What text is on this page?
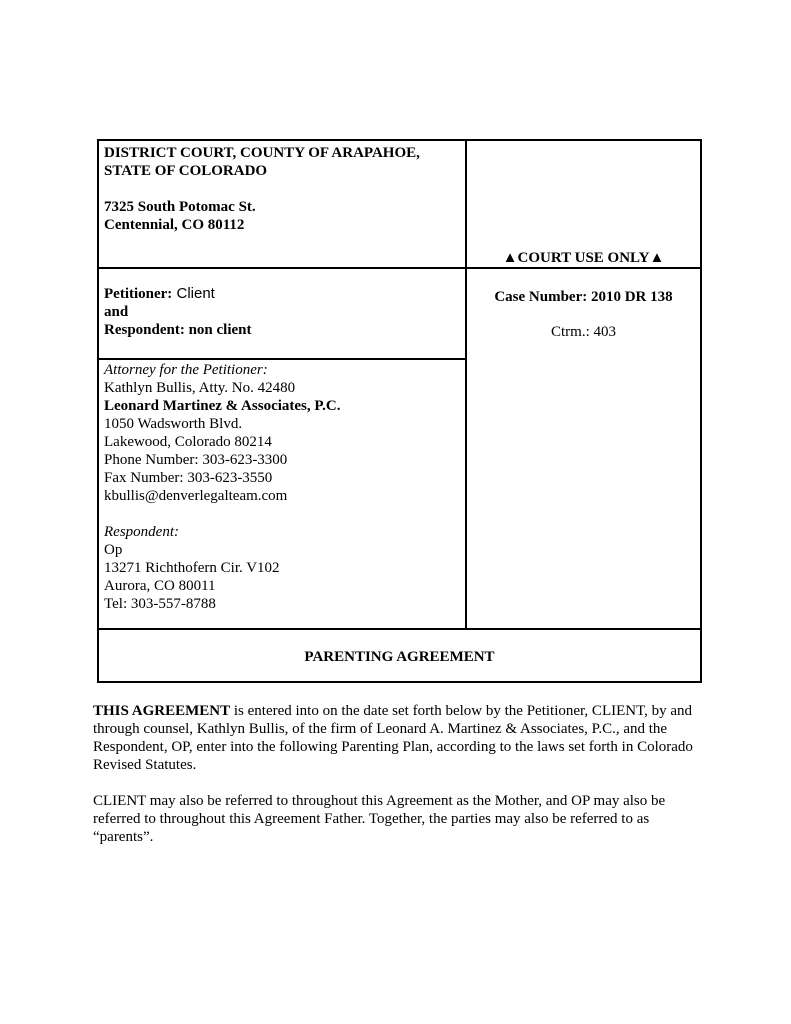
DISTRICT COURT, COUNTY OF ARAPAHOE,
STATE OF COLORADO
7325 South Potomac St.
Centennial, CO 80112
▲COURT USE ONLY▲
Petitioner: Client
and
Respondent: non client
Case Number: 2010 DR 138
Ctrm.: 403
Attorney for the Petitioner:
Kathlyn Bullis, Atty. No. 42480
Leonard Martinez & Associates, P.C.
1050 Wadsworth Blvd.
Lakewood, Colorado 80214
Phone Number: 303-623-3300
Fax Number: 303-623-3550
kbullis@denverlegalteam.com
Respondent:
Op
13271 Richthofern Cir. V102
Aurora, CO 80011
Tel: 303-557-8788
PARENTING AGREEMENT

THIS AGREEMENT is entered into on the date set forth below by the Petitioner, CLIENT, by and through counsel, Kathlyn Bullis, of the firm of Leonard A. Martinez & Associates, P.C., and the Respondent, OP, enter into the following Parenting Plan, according to the laws set forth in Colorado Revised Statutes.

CLIENT may also be referred to throughout this Agreement as the Mother, and OP may also be referred to throughout this Agreement Father. Together, the parties may also be referred to as “parents”.
